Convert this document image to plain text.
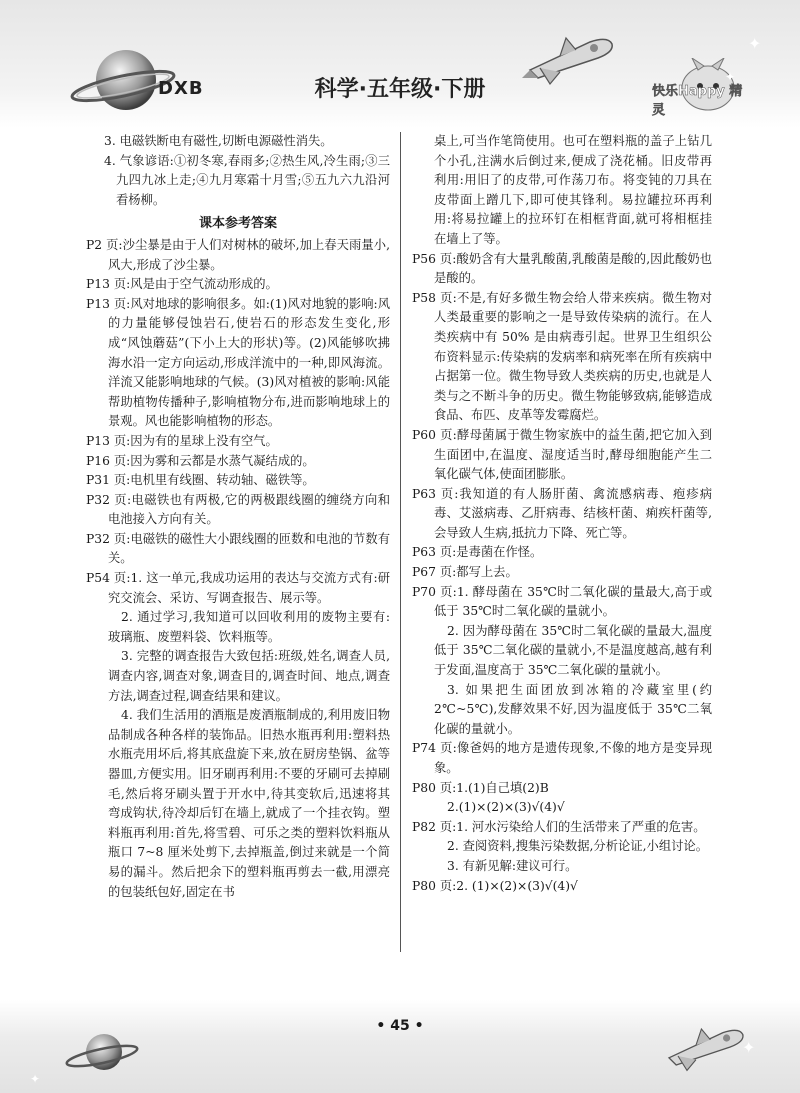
DXB	科学·五年级·下册	快乐Happy 精灵
✦
✦
✦
✦

3. 电磁铁断电有磁性,切断电源磁性消失。

4. 气象谚语:①初冬寒,春雨多;②热生风,冷生雨;③三九四九冰上走;④九月寒霜十月雪;⑤五九六九沿河看杨柳。

课本参考答案

P2 页:沙尘暴是由于人们对树林的破坏,加上春天雨量小,风大,形成了沙尘暴。

P13 页:风是由于空气流动形成的。

P13 页:风对地球的影响很多。如:(1)风对地貌的影响:风的力量能够侵蚀岩石,使岩石的形态发生变化,形成“风蚀蘑菇”(下小上大的形状)等。(2)风能够吹拂海水沿一定方向运动,形成洋流中的一种,即风海流。洋流又能影响地球的气候。(3)风对植被的影响:风能帮助植物传播种子,影响植物分布,进而影响地球上的景观。风也能影响植物的形态。

P13 页:因为有的星球上没有空气。

P16 页:因为雾和云都是水蒸气凝结成的。

P31 页:电机里有线圈、转动轴、磁铁等。

P32 页:电磁铁也有两极,它的两极跟线圈的缠绕方向和电池接入方向有关。

P32 页:电磁铁的磁性大小跟线圈的匝数和电池的节数有关。

P54 页:1. 这一单元,我成功运用的表达与交流方式有:研究交流会、采访、写调查报告、展示等。

2. 通过学习,我知道可以回收利用的废物主要有:玻璃瓶、废塑料袋、饮料瓶等。

3. 完整的调查报告大致包括:班级,姓名,调查人员,调查内容,调查对象,调查目的,调查时间、地点,调查方法,调查过程,调查结果和建议。

4. 我们生活用的酒瓶是废酒瓶制成的,利用废旧物品制成各种各样的装饰品。旧热水瓶再利用:塑料热水瓶壳用坏后,将其底盘旋下来,放在厨房垫锅、盆等器皿,方便实用。旧牙刷再利用:不要的牙刷可去掉刷毛,然后将牙刷头置于开水中,待其变软后,迅速将其弯成钩状,待冷却后钉在墙上,就成了一个挂衣钩。塑料瓶再利用:首先,将雪碧、可乐之类的塑料饮料瓶从瓶口 7~8 厘米处剪下,去掉瓶盖,倒过来就是一个简易的漏斗。然后把余下的塑料瓶再剪去一截,用漂亮的包装纸包好,固定在书

桌上,可当作笔筒使用。也可在塑料瓶的盖子上钻几个小孔,注满水后倒过来,便成了浇花桶。旧皮带再利用:用旧了的皮带,可作荡刀布。将变钝的刀具在皮带面上蹭几下,即可使其锋利。易拉罐拉环再利用:将易拉罐上的拉环钉在相框背面,就可将相框挂在墙上了等。

P56 页:酸奶含有大量乳酸菌,乳酸菌是酸的,因此酸奶也是酸的。

P58 页:不是,有好多微生物会给人带来疾病。微生物对人类最重要的影响之一是导致传染病的流行。在人类疾病中有 50% 是由病毒引起。世界卫生组织公布资料显示:传染病的发病率和病死率在所有疾病中占据第一位。微生物导致人类疾病的历史,也就是人类与之不断斗争的历史。微生物能够致病,能够造成食品、布匹、皮革等发霉腐烂。

P60 页:酵母菌属于微生物家族中的益生菌,把它加入到生面团中,在温度、湿度适当时,酵母细胞能产生二氧化碳气体,使面团膨胀。

P63 页:我知道的有人肠肝菌、禽流感病毒、疱疹病毒、艾滋病毒、乙肝病毒、结核杆菌、痢疾杆菌等,会导致人生病,抵抗力下降、死亡等。

P63 页:是毒菌在作怪。

P67 页:都写上去。

P70 页:1. 酵母菌在 35℃时二氧化碳的量最大,高于或低于 35℃时二氧化碳的量就小。

2. 因为酵母菌在 35℃时二氧化碳的量最大,温度低于 35℃二氧化碳的量就小,不是温度越高,越有利于发面,温度高于 35℃二氧化碳的量就小。

3. 如果把生面团放到冰箱的冷藏室里(约 2℃~5℃),发酵效果不好,因为温度低于 35℃二氧化碳的量就小。

P74 页:像爸妈的地方是遗传现象,不像的地方是变异现象。

P80 页:1.(1)自己填(2)B

2.(1)×(2)×(3)√(4)√

P82 页:1. 河水污染给人们的生活带来了严重的危害。

2. 查阅资料,搜集污染数据,分析论证,小组讨论。

3. 有新见解:建议可行。

P80 页:2. (1)×(2)×(3)√(4)√

• 45 •
